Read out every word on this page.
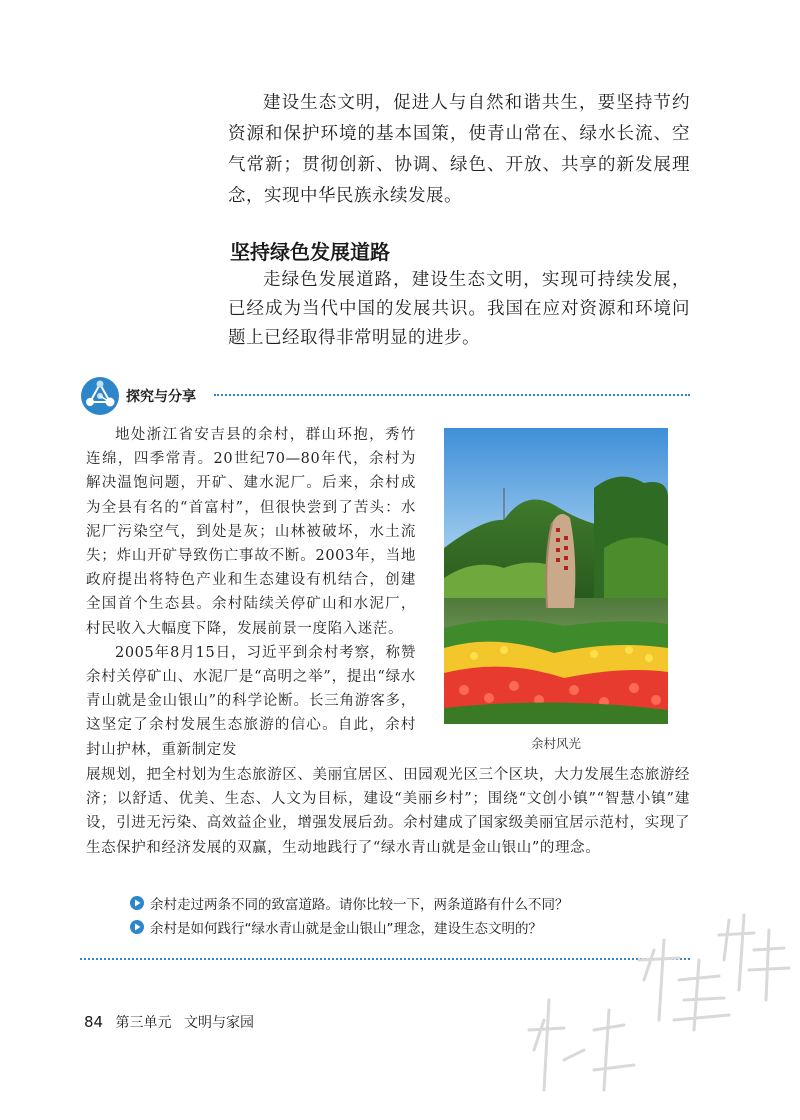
建设生态文明，促进人与自然和谐共生，要坚持节约资源和保护环境的基本国策，使青山常在、绿水长流、空气常新；贯彻创新、协调、绿色、开放、共享的新发展理念，实现中华民族永续发展。

坚持绿色发展道路

走绿色发展道路，建设生态文明，实现可持续发展，已经成为当代中国的发展共识。我国在应对资源和环境问题上已经取得非常明显的进步。

探究与分享

地处浙江省安吉县的余村，群山环抱，秀竹连绵，四季常青。20世纪70—80年代，余村为解决温饱问题，开矿、建水泥厂。后来，余村成为全县有名的“首富村”，但很快尝到了苦头：水泥厂污染空气，到处是灰；山林被破坏，水土流失；炸山开矿导致伤亡事故不断。2003年，当地政府提出将特色产业和生态建设有机结合，创建全国首个生态县。余村陆续关停矿山和水泥厂，村民收入大幅度下降，发展前景一度陷入迷茫。

2005年8月15日，习近平到余村考察，称赞余村关停矿山、水泥厂是“高明之举”，提出“绿水青山就是金山银山”的科学论断。长三角游客多，这坚定了余村发展生态旅游的信心。自此，余村封山护林，重新制定发	余村风光

展规划，把全村划为生态旅游区、美丽宜居区、田园观光区三个区块，大力发展生态旅游经济；以舒适、优美、生态、人文为目标，建设“美丽乡村”；围绕“文创小镇”“智慧小镇”建设，引进无污染、高效益企业，增强发展后劲。余村建成了国家级美丽宜居示范村，实现了生态保护和经济发展的双赢，生动地践行了“绿水青山就是金山银山”的理念。

余村走过两条不同的致富道路。请你比较一下，两条道路有什么不同？
余村是如何践行“绿水青山就是金山银山”理念，建设生态文明的？
84 第三单元 文明与家园
